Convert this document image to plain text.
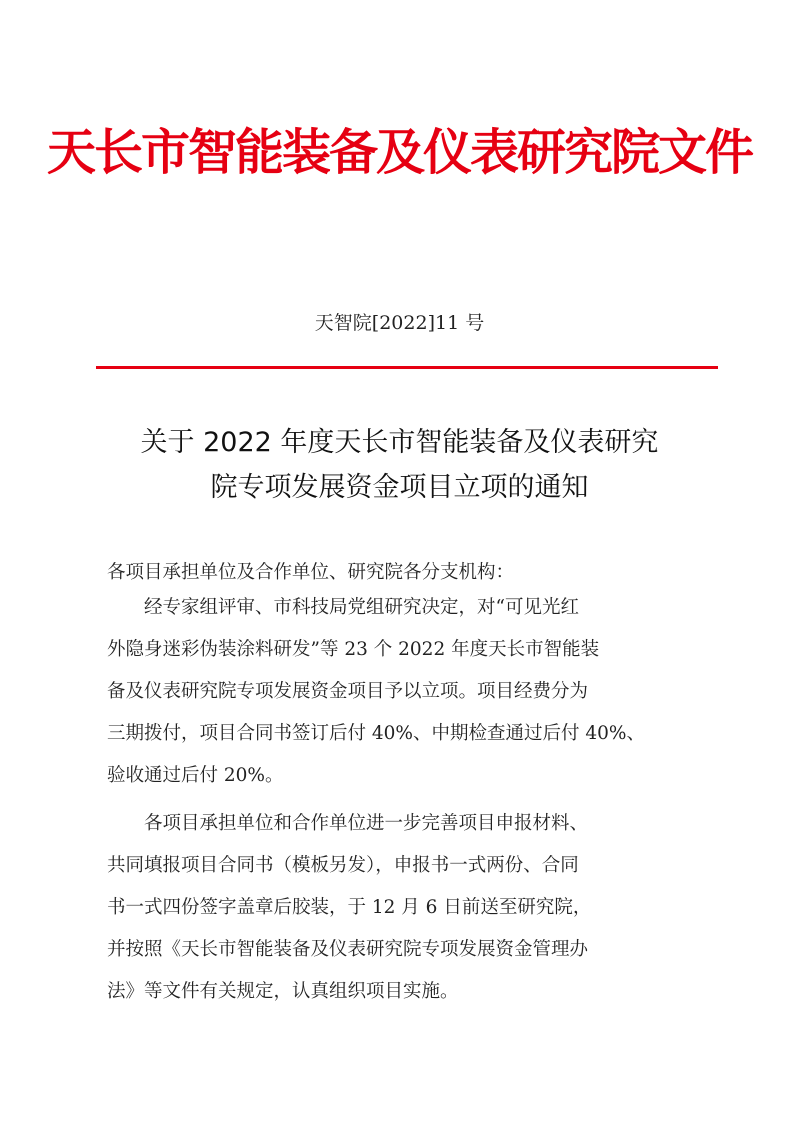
天长市智能装备及仪表研究院文件
天智院[2022]11 号
关于 2022 年度天长市智能装备及仪表研究
院专项发展资金项目立项的通知
各项目承担单位及合作单位、研究院各分支机构：
　　经专家组评审、市科技局党组研究决定，对“可见光红
外隐身迷彩伪装涂料研发”等 23 个 2022 年度天长市智能装
备及仪表研究院专项发展资金项目予以立项。项目经费分为
三期拨付，项目合同书签订后付 40%、中期检查通过后付 40%、
验收通过后付 20%。
　　各项目承担单位和合作单位进一步完善项目申报材料、
共同填报项目合同书（模板另发），申报书一式两份、合同
书一式四份签字盖章后胶装，于 12 月 6 日前送至研究院，
并按照《天长市智能装备及仪表研究院专项发展资金管理办
法》等文件有关规定，认真组织项目实施。
